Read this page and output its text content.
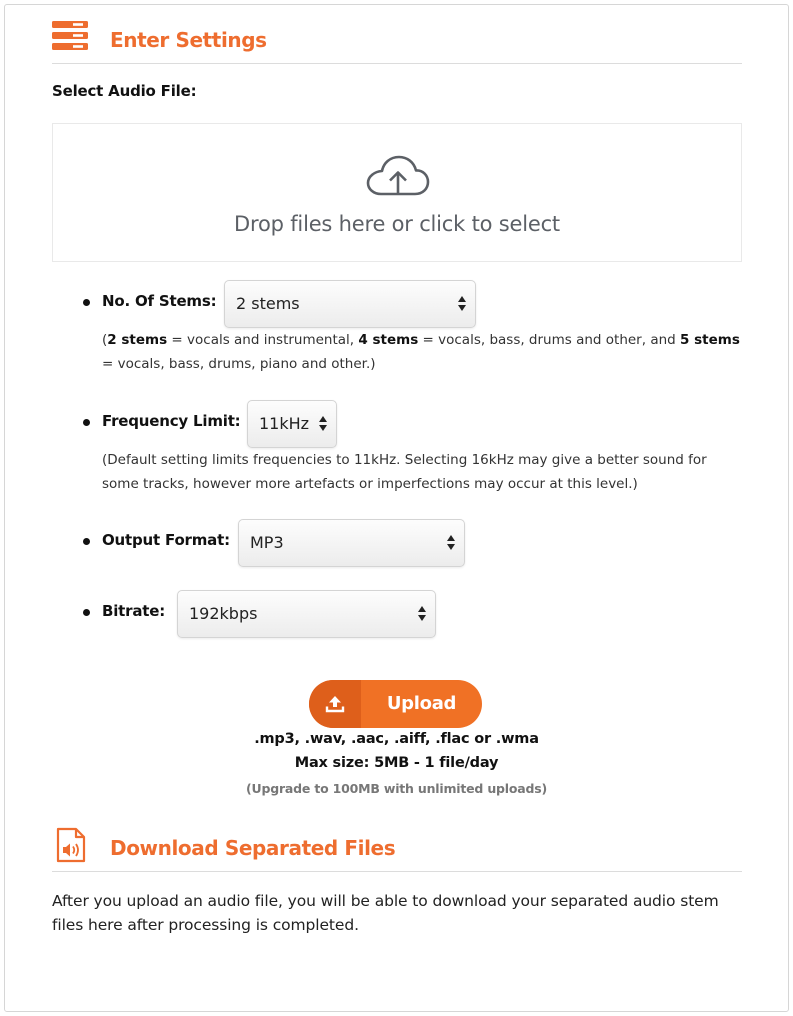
Enter Settings
Select Audio File:
Drop files here or click to select
No. Of Stems:	2 stems
(2 stems = vocals and instrumental, 4 stems = vocals, bass, drums and other, and 5 stems = vocals, bass, drums, piano and other.)
Frequency Limit:	11kHz
(Default setting limits frequencies to 11kHz. Selecting 16kHz may give a better sound for some tracks, however more artefacts or imperfections may occur at this level.)
Output Format:	MP3
Bitrate:	192kbps
Upload
.mp3, .wav, .aac, .aiff, .flac or .wma
Max size: 5MB - 1 file/day
(Upgrade to 100MB with unlimited uploads)
Download Separated Files
After you upload an audio file, you will be able to download your separated audio stem files here after processing is completed.
